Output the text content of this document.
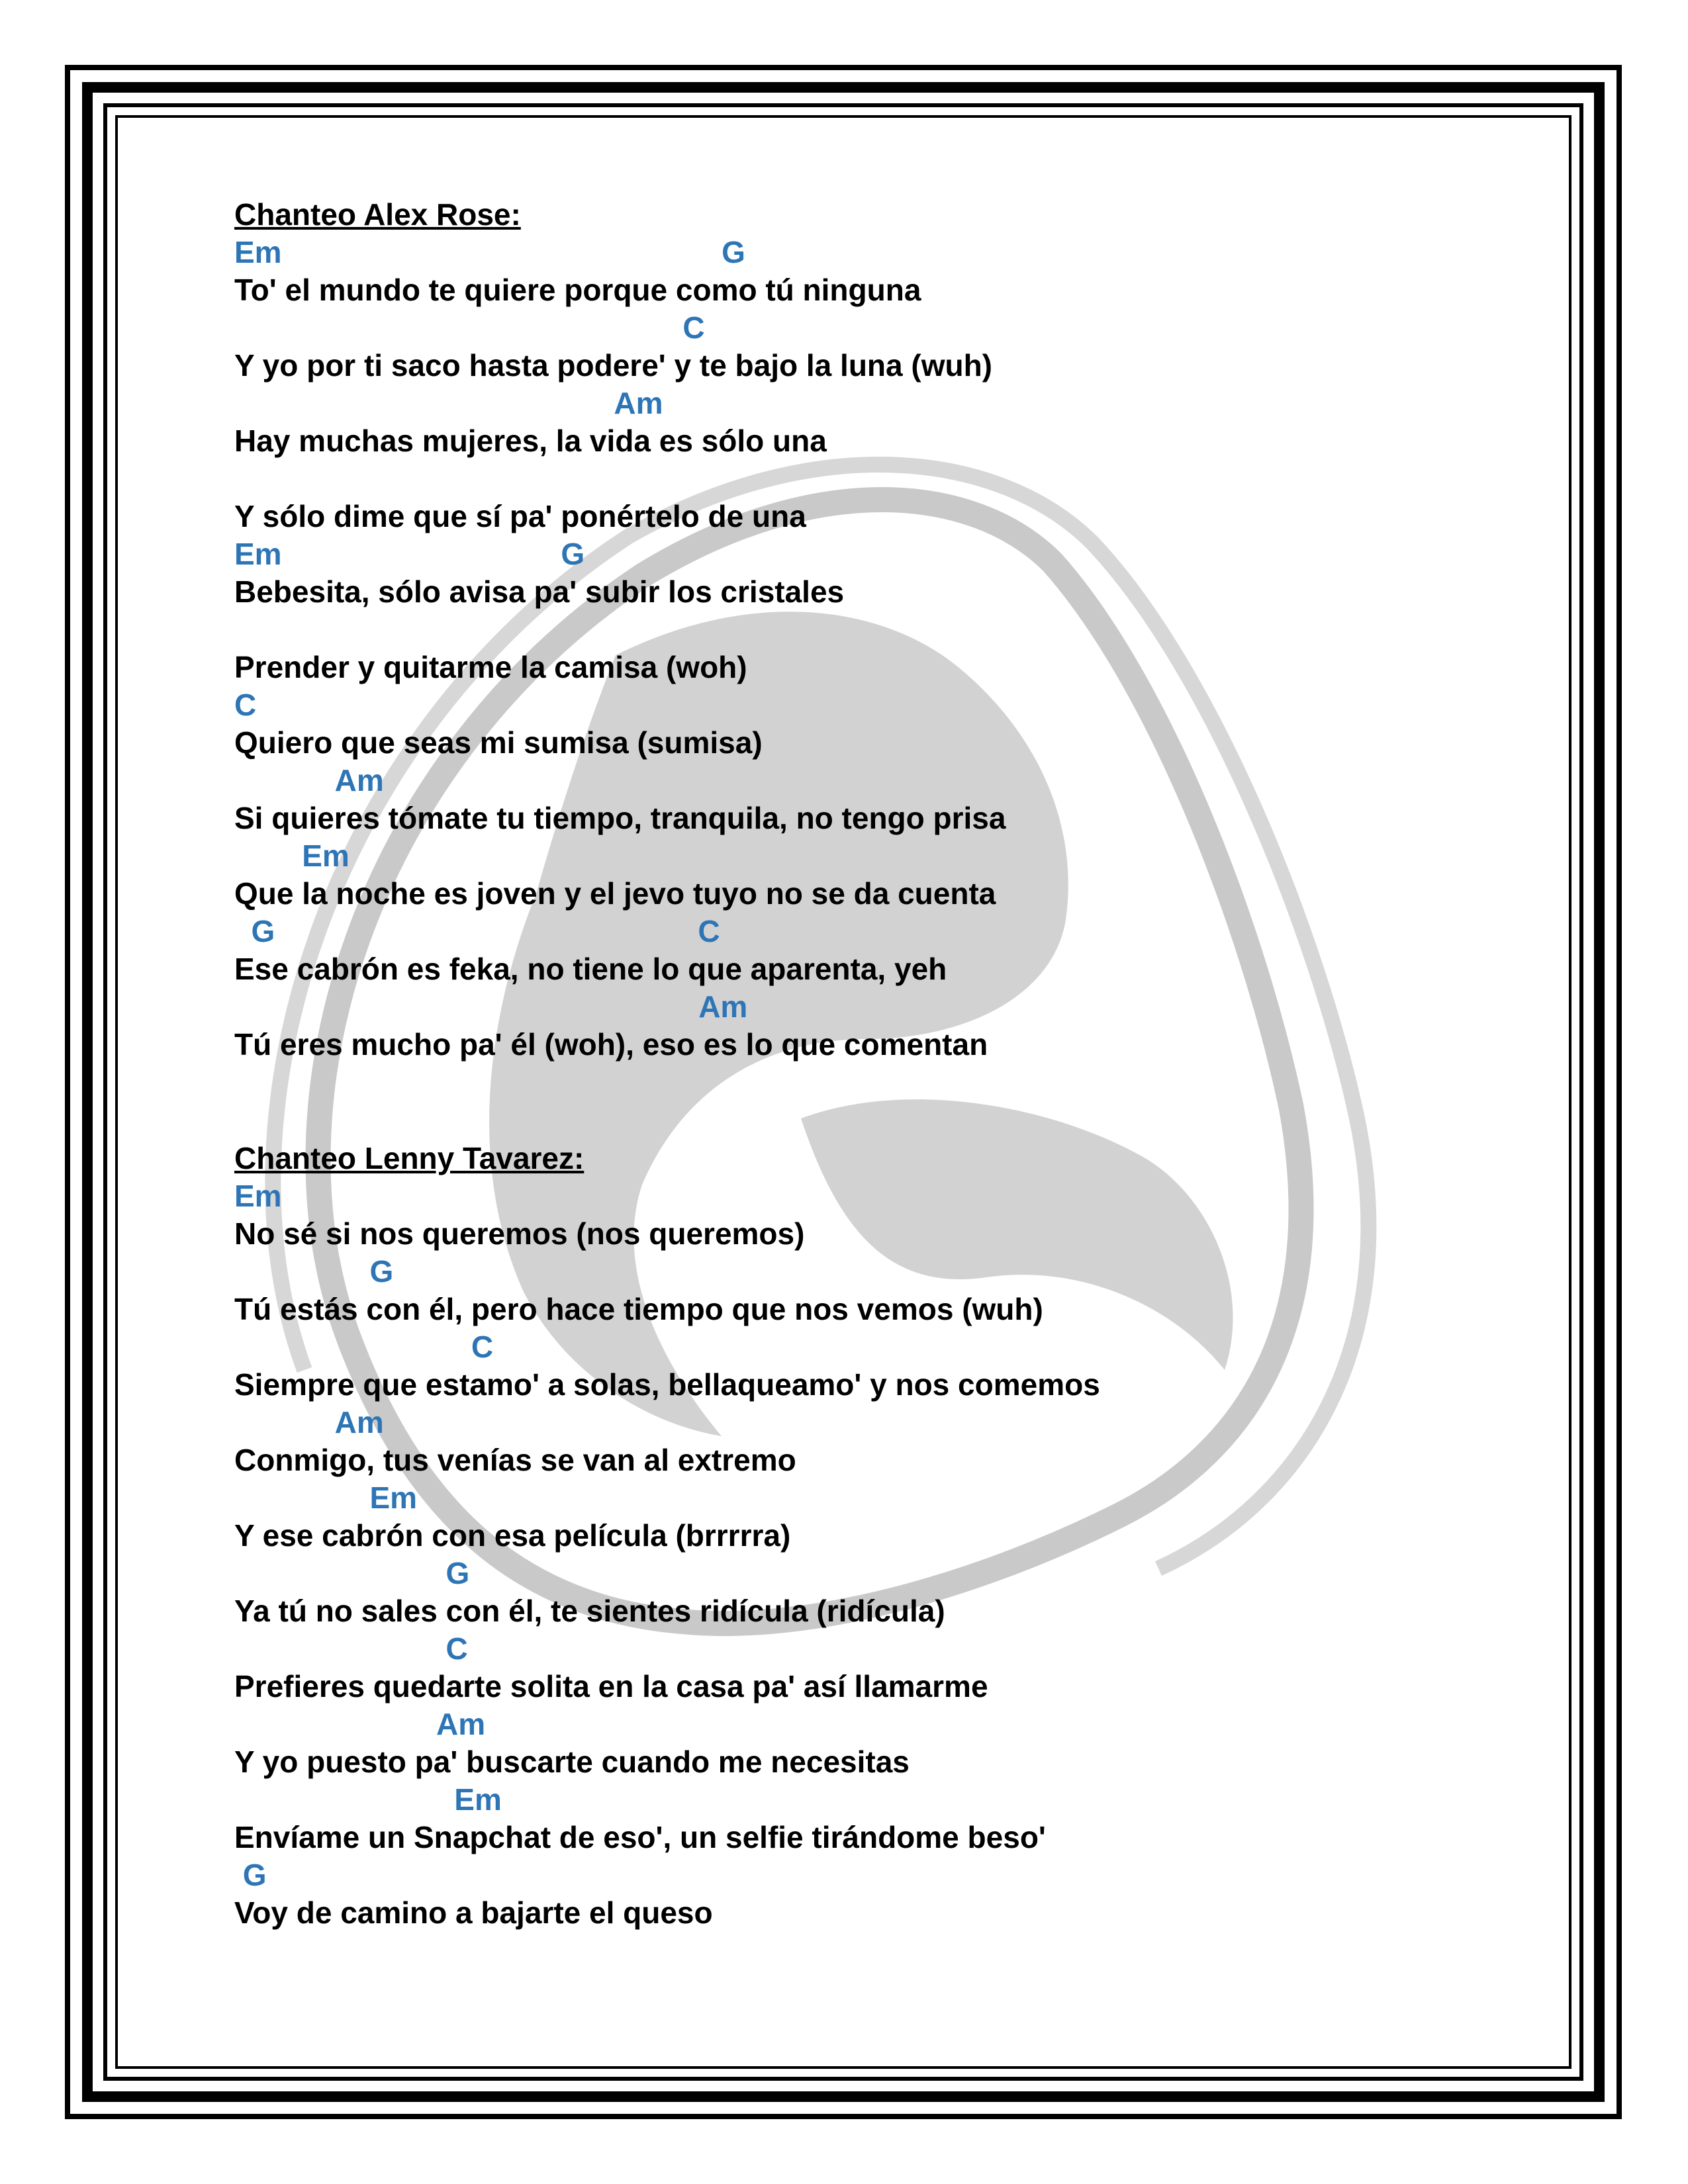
Chanteo Alex Rose:
Em                                                    G
To' el mundo te quiere porque como tú ninguna
C
Y yo por ti saco hasta podere' y te bajo la luna (wuh)
Am
Hay muchas mujeres, la vida es sólo una
Y sólo dime que sí pa' ponértelo de una
Em                                 G
Bebesita, sólo avisa pa' subir los cristales
Prender y quitarme la camisa (woh)
C
Quiero que seas mi sumisa (sumisa)
Am
Si quieres tómate tu tiempo, tranquila, no tengo prisa
Em
Que la noche es joven y el jevo tuyo no se da cuenta
G                                                  C
Ese cabrón es feka, no tiene lo que aparenta, yeh
Am
Tú eres mucho pa' él (woh), eso es lo que comentan
Chanteo Lenny Tavarez:
Em
No sé si nos queremos (nos queremos)
G
Tú estás con él, pero hace tiempo que nos vemos (wuh)
C
Siempre que estamo' a solas, bellaqueamo' y nos comemos
Am
Conmigo, tus venías se van al extremo
Em
Y ese cabrón con esa película (brrrrra)
G
Ya tú no sales con él, te sientes ridícula (ridícula)
C
Prefieres quedarte solita en la casa pa' así llamarme
Am
Y yo puesto pa' buscarte cuando me necesitas
Em
Envíame un Snapchat de eso', un selfie tirándome beso'
G
Voy de camino a bajarte el queso
